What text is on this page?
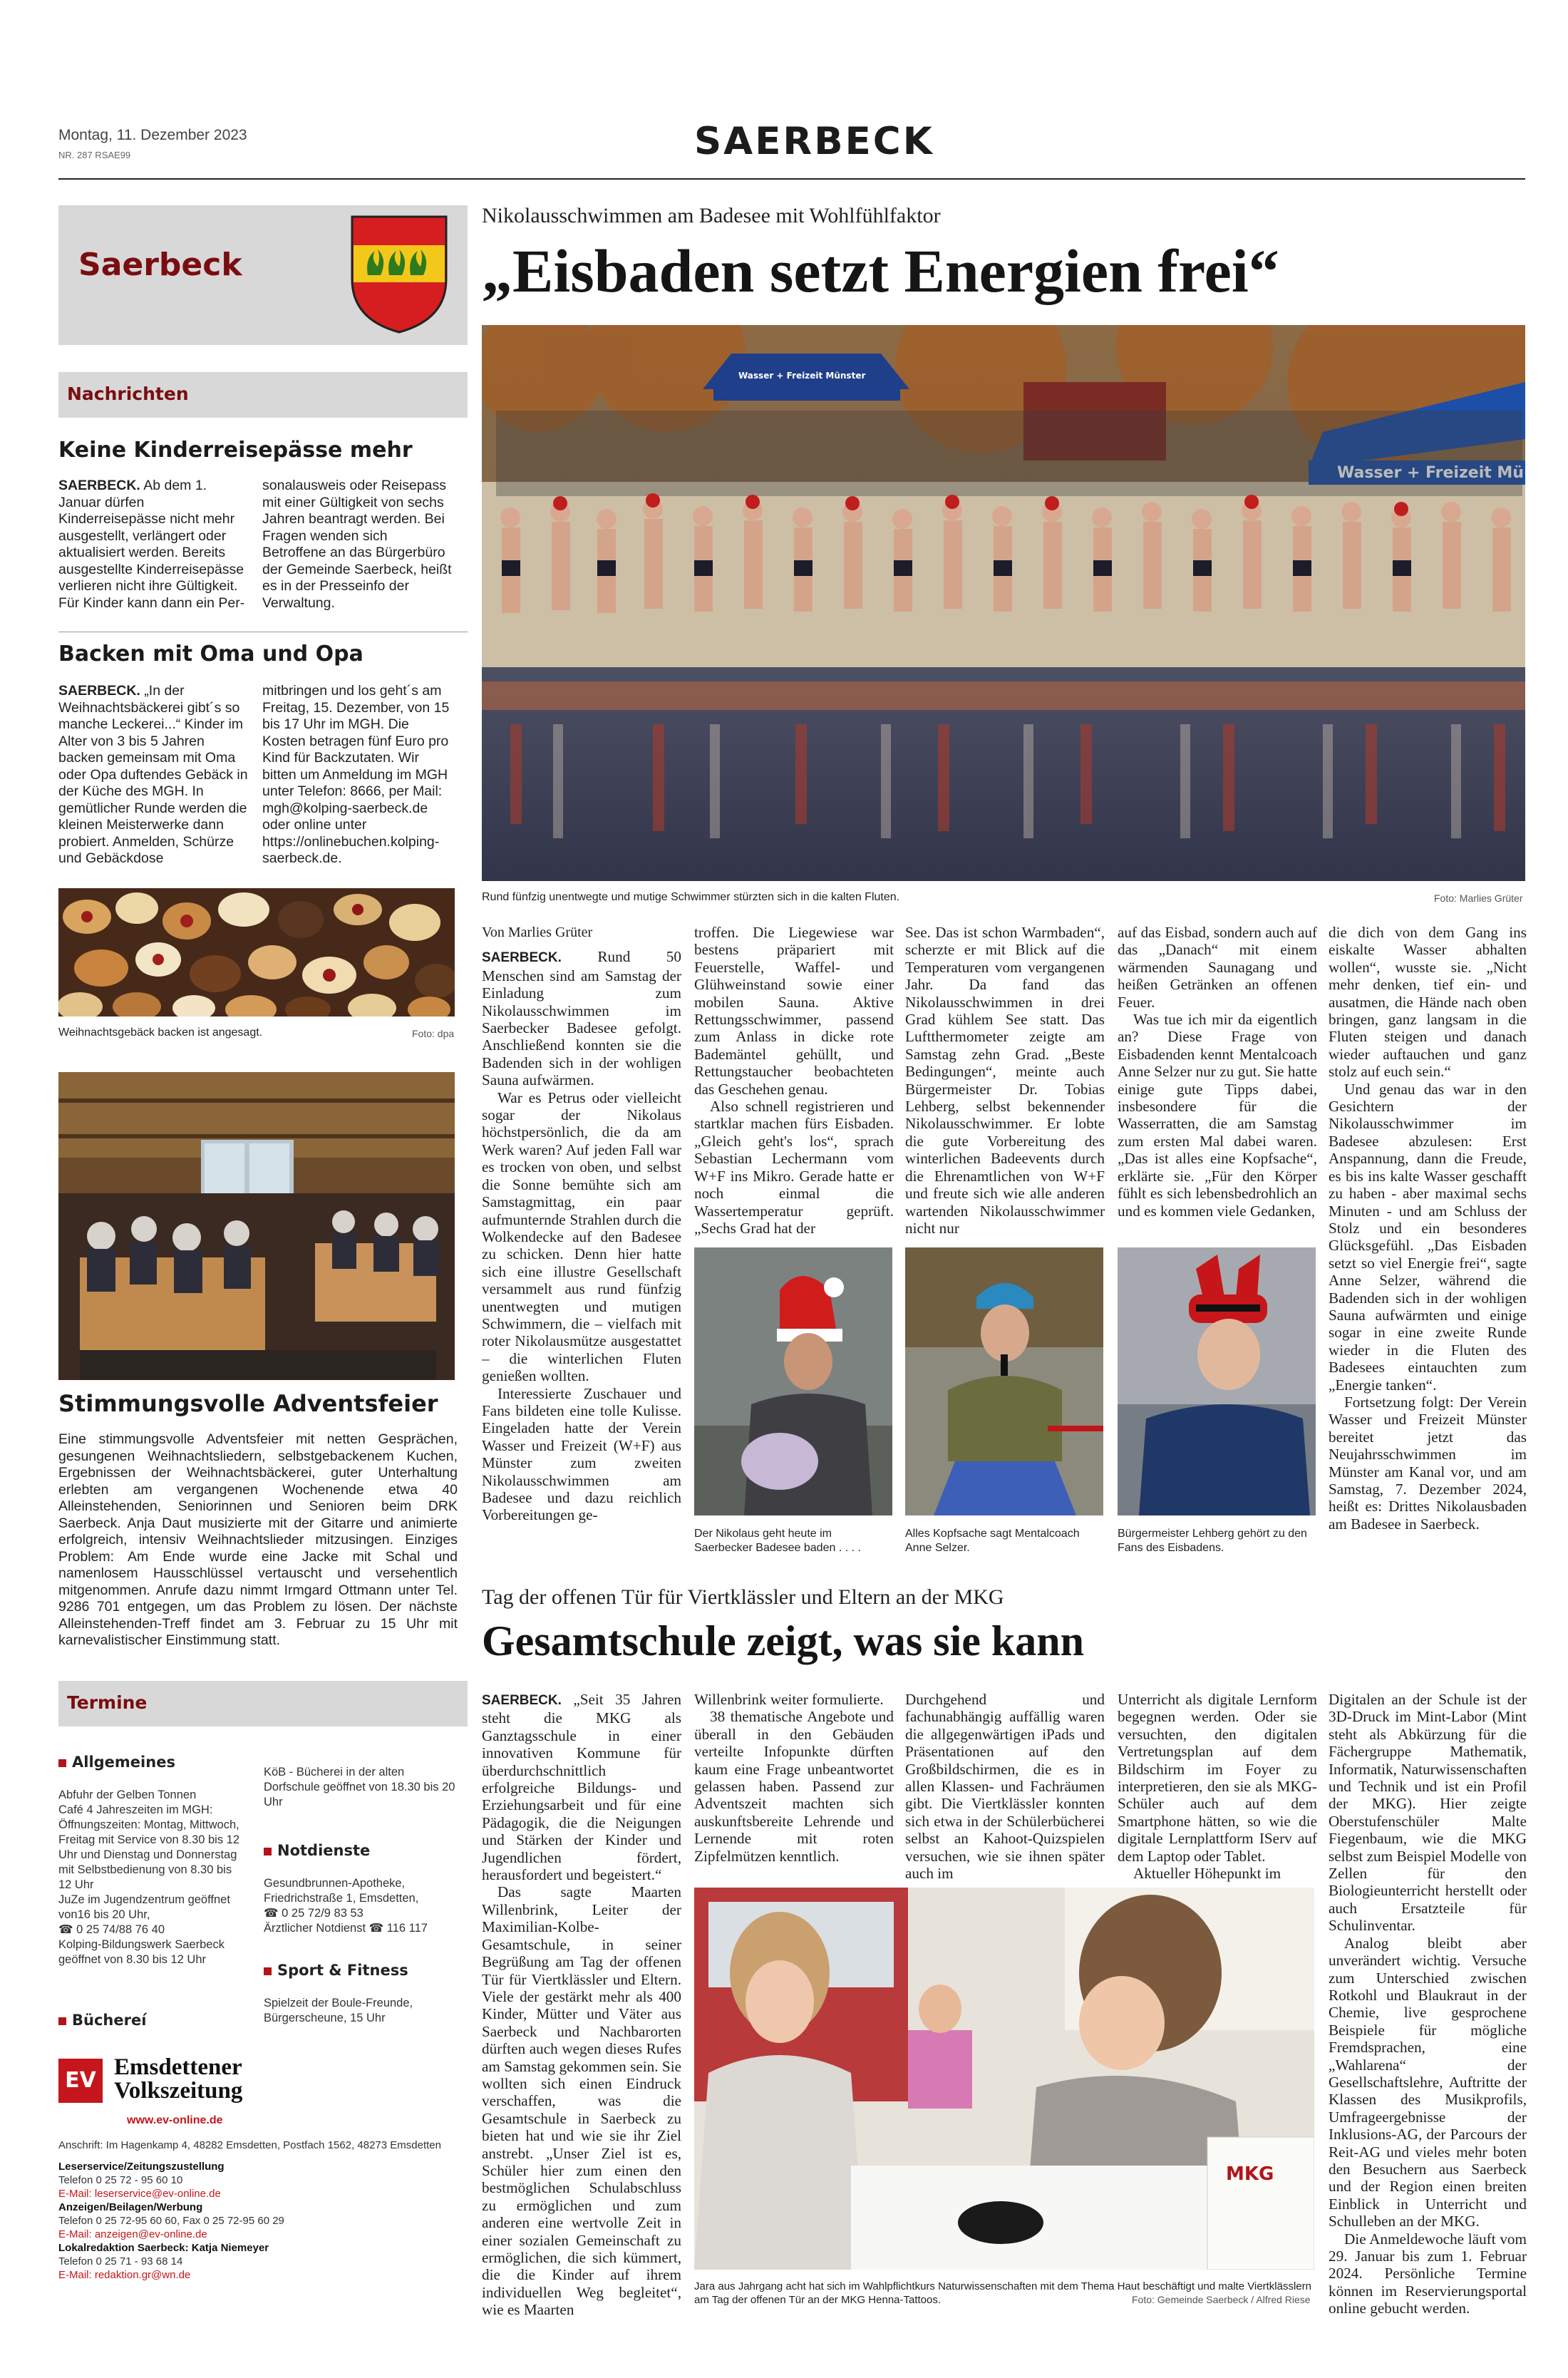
Montag, 11. Dezember 2023
NR. 287 RSAE99	SAERBECK
Saerbeck
Nachrichten
Keine Kinderreisepässe mehr
SAERBECK. Ab dem 1. Januar dürfen Kinderreisepässe nicht mehr ausgestellt, verlängert oder aktualisiert werden. Bereits ausgestellte Kinderreisepässe verlieren nicht ihre Gültigkeit. Für Kinder kann dann ein Per-
sonalausweis oder Reisepass mit einer Gültigkeit von sechs Jahren beantragt werden. Bei Fragen wenden sich Betroffene an das Bürgerbüro der Gemeinde Saerbeck, heißt es in der Presseinfo der Verwaltung.
Backen mit Oma und Opa
SAERBECK. „In der Weihnachtsbäckerei gibt´s so manche Leckerei...“ Kinder im Alter von 3 bis 5 Jahren backen gemeinsam mit Oma oder Opa duftendes Gebäck in der Küche des MGH. In gemütlicher Runde werden die kleinen Meisterwerke dann probiert. Anmelden, Schürze und Gebäckdose
mitbringen und los geht´s am Freitag, 15. Dezember, von 15 bis 17 Uhr im MGH. Die Kosten betragen fünf Euro pro Kind für Backzutaten. Wir bitten um Anmeldung im MGH unter Telefon: 8666, per Mail: mgh@kolping-saerbeck.de oder online unter https://onlinebuchen.kolping-saerbeck.de.
Weihnachtsgebäck backen ist angesagt.	Foto: dpa
Stimmungsvolle Adventsfeier
Eine stimmungsvolle Adventsfeier mit netten Gesprächen, gesungenen Weihnachtsliedern, selbstgebackenem Kuchen, Ergebnissen der Weihnachtsbäckerei, guter Unterhaltung erlebten am vergangenen Wochenende etwa 40 Alleinstehenden, Seniorinnen und Senioren beim DRK Saerbeck. Anja Daut musizierte mit der Gitarre und animierte erfolgreich, intensiv Weihnachtslieder mitzusingen. Einziges Problem: Am Ende wurde eine Jacke mit Schal und namenlosem Hausschlüssel vertauscht und versehentlich mitgenommen. Anrufe dazu nimmt Irmgard Ottmann unter Tel. 9286 701 entgegen, um das Problem zu lösen. Der nächste Alleinstehenden-Treff findet am 3. Februar zu 15 Uhr mit karnevalistischer Einstimmung statt.
Termine
Allgemeines
Abfuhr der Gelben Tonnen
Café 4 Jahreszeiten im MGH: Öffnungszeiten: Montag, Mittwoch, Freitag mit Service von 8.30 bis 12 Uhr und Dienstag und Donnerstag mit Selbstbedienung von 8.30 bis 12 Uhr
JuZe im Jugendzentrum geöffnet von16 bis 20 Uhr,
☎ 0 25 74/88 76 40
Kolping-Bildungswerk Saerbeck geöffnet von 8.30 bis 12 Uhr
Büchereí
KöB - Bücherei in der alten Dorfschule geöffnet von 18.30 bis 20 Uhr
Notdienste
Gesundbrunnen-Apotheke, Friedrichstraße 1, Emsdetten,
☎ 0 25 72/9 83 53
Ärztlicher Notdienst ☎ 116 117
Sport & Fitness
Spielzeit der Boule-Freunde, Bürgerscheune, 15 Uhr
EV
Emsdettener Volkszeitung
www.ev-online.de
Anschrift: Im Hagenkamp 4, 48282 Emsdetten, Postfach 1562, 48273 Emsdetten
Leserservice/Zeitungszustellung
Telefon 0 25 72 - 95 60 10
E-Mail: leserservice@ev-online.de
Anzeigen/Beilagen/Werbung
Telefon 0 25 72-95 60 60, Fax 0 25 72-95 60 29
E-Mail: anzeigen@ev-online.de
Lokalredaktion Saerbeck: Katja Niemeyer
Telefon 0 25 71 - 93 68 14
E-Mail: redaktion.gr@wn.de
Nikolausschwimmen am Badesee mit Wohlfühlfaktor
„Eisbaden setzt Energien frei“
Wasser + Freizeit Mü
Wasser + Freizeit Münster
Rund fünfzig unentwegte und mutige Schwimmer stürzten sich in die kalten Fluten.	Foto: Marlies Grüter

Von Marlies Grüter

SAERBECK. Rund 50 Menschen sind am Samstag der Einladung zum Nikolausschwimmen im Saerbecker Badesee gefolgt. Anschließend konnten sie die Badenden sich in der wohligen Sauna aufwärmen.

War es Petrus oder vielleicht sogar der Nikolaus höchstpersönlich, die da am Werk waren? Auf jeden Fall war es trocken von oben, und selbst die Sonne bemühte sich am Samstagmittag, ein paar aufmunternde Strahlen durch die Wolkendecke auf den Badesee zu schicken. Denn hier hatte sich eine illustre Gesellschaft versammelt aus rund fünfzig unentwegten und mutigen Schwimmern, die – vielfach mit roter Nikolausmütze ausgestattet – die winterlichen Fluten genießen wollten.

Interessierte Zuschauer und Fans bildeten eine tolle Kulisse. Eingeladen hatte der Verein Wasser und Freizeit (W+F) aus Münster zum zweiten Nikolausschwimmen am Badesee und dazu reichlich Vorbereitungen ge-

troffen. Die Liegewiese war bestens präpariert mit Feuerstelle, Waffel- und Glühweinstand sowie einer mobilen Sauna. Aktive Rettungsschwimmer, passend zum Anlass in dicke rote Bademäntel gehüllt, und Rettungstaucher beobachteten das Geschehen genau.

Also schnell registrieren und startklar machen fürs Eisbaden. „Gleich geht's los“, sprach Sebastian Lechermann vom W+F ins Mikro. Gerade hatte er noch einmal die Wassertemperatur geprüft. „Sechs Grad hat der

See. Das ist schon Warmbaden“, scherzte er mit Blick auf die Temperaturen vom vergangenen Jahr. Da fand das Nikolausschwimmen in drei Grad kühlem See statt. Das Luftthermometer zeigte am Samstag zehn Grad. „Beste Bedingungen“, meinte auch Bürgermeister Dr. Tobias Lehberg, selbst bekennender Nikolausschwimmer. Er lobte die gute Vorbereitung des winterlichen Badeevents durch die Ehrenamtlichen von W+F und freute sich wie alle anderen wartenden Nikolausschwimmer nicht nur

auf das Eisbad, sondern auch auf das „Danach“ mit einem wärmenden Saunagang und heißen Getränken an offenen Feuer.

Was tue ich mir da eigentlich an? Diese Frage von Eisbadenden kennt Mentalcoach Anne Selzer nur zu gut. Sie hatte einige gute Tipps dabei, insbesondere für die Wasserratten, die am Samstag zum ersten Mal dabei waren. „Das ist alles eine Kopfsache“, erklärte sie. „Für den Körper fühlt es sich lebensbedrohlich an und es kommen viele Gedanken,

die dich von dem Gang ins eiskalte Wasser abhalten wollen“, wusste sie. „Nicht mehr denken, tief ein- und ausatmen, die Hände nach oben bringen, ganz langsam in die Fluten steigen und danach wieder auftauchen und ganz stolz auf euch sein.“

Und genau das war in den Gesichtern der Nikolausschwimmer im Badesee abzulesen: Erst Anspannung, dann die Freude, es bis ins kalte Wasser geschafft zu haben - aber maximal sechs Minuten - und am Schluss der Stolz und ein besonderes Glücksgefühl. „Das Eisbaden setzt so viel Energie frei“, sagte Anne Selzer, während die Badenden sich in der wohligen Sauna aufwärmten und einige sogar in eine zweite Runde wieder in die Fluten des Badesees eintauchten zum „Energie tanken“.

Fortsetzung folgt: Der Verein Wasser und Freizeit Münster bereitet jetzt das Neujahrsschwimmen im Münster am Kanal vor, und am Samstag, 7. Dezember 2024, heißt es: Drittes Nikolausbaden am Badesee in Saerbeck.

Der Nikolaus geht heute im Saerbecker Badesee baden . . . .
Alles Kopfsache sagt Mentalcoach Anne Selzer.
Bürgermeister Lehberg gehört zu den Fans des Eisbadens.
Tag der offenen Tür für Viertklässler und Eltern an der MKG
Gesamtschule zeigt, was sie kann

SAERBECK. „Seit 35 Jahren steht die MKG als Ganztagsschule in einer innovativen Kommune für überdurchschnittlich erfolgreiche Bildungs- und Erziehungsarbeit und für eine Pädagogik, die die Neigungen und Stärken der Kinder und Jugendlichen fördert, herausfordert und begeistert.“

Das sagte Maarten Willenbrink, Leiter der Maximilian-Kolbe-Gesamtschule, in seiner Begrüßung am Tag der offenen Tür für Viertklässler und Eltern. Viele der gestärkt mehr als 400 Kinder, Mütter und Väter aus Saerbeck und Nachbarorten dürften auch wegen dieses Rufes am Samstag gekommen sein. Sie wollten sich einen Eindruck verschaffen, was die Gesamtschule in Saerbeck zu bieten hat und wie sie ihr Ziel anstrebt. „Unser Ziel ist es, Schüler hier zum einen den bestmöglichen Schulabschluss zu ermöglichen und zum anderen eine wertvolle Zeit in einer sozialen Gemeinschaft zu ermöglichen, die sich kümmert, die die Kinder auf ihrem individuellen Weg begleitet“, wie es Maarten

Willenbrink weiter formulierte.

38 thematische Angebote und überall in den Gebäuden verteilte Infopunkte dürften kaum eine Frage unbeantwortet gelassen haben. Passend zur Adventszeit machten sich auskunftsbereite Lehrende und Lernende mit roten Zipfelmützen kenntlich.

Durchgehend und fachunabhängig auffällig waren die allgegenwärtigen iPads und Präsentationen auf den Großbildschirmen, die es in allen Klassen- und Fachräumen gibt. Die Viertklässler konnten sich etwa in der Schülerbücherei selbst an Kahoot-Quizspielen versuchen, wie sie ihnen später auch im

Unterricht als digitale Lernform begegnen werden. Oder sie versuchten, den digitalen Vertretungsplan auf dem Bildschirm im Foyer zu interpretieren, den sie als MKG-Schüler auch auf dem Smartphone hätten, so wie die digitale Lernplattform IServ auf dem Laptop oder Tablet.

Aktueller Höhepunkt im

Digitalen an der Schule ist der 3D-Druck im Mint-Labor (Mint steht als Abkürzung für die Fächergruppe Mathematik, Informatik, Naturwissenschaften und Technik und ist ein Profil der MKG). Hier zeigte Oberstufenschüler Malte Fiegenbaum, wie die MKG selbst zum Beispiel Modelle von Zellen für den Biologieunterricht herstellt oder auch Ersatzteile für Schulinventar.

Analog bleibt aber unverändert wichtig. Versuche zum Unterschied zwischen Rotkohl und Blaukraut in der Chemie, live gesprochene Beispiele für mögliche Fremdsprachen, eine „Wahlarena“ der Gesellschaftslehre, Auftritte der Klassen des Musikprofils, Umfrageergebnisse der Inklusions-AG, der Parcours der Reit-AG und vieles mehr boten den Besuchern aus Saerbeck und der Region einen breiten Einblick in Unterricht und Schulleben an der MKG.

Die Anmeldewoche läuft vom 29. Januar bis zum 1. Februar 2024. Persönliche Termine können im Reservierungsportal online gebucht werden.

MKG
Jara aus Jahrgang acht hat sich im Wahlpflichtkurs Naturwissenschaften mit dem Thema Haut beschäftigt und malte Viertklässlern am Tag der offenen Tür an der MKG Henna-Tattoos.	Foto: Gemeinde Saerbeck / Alfred Riese
